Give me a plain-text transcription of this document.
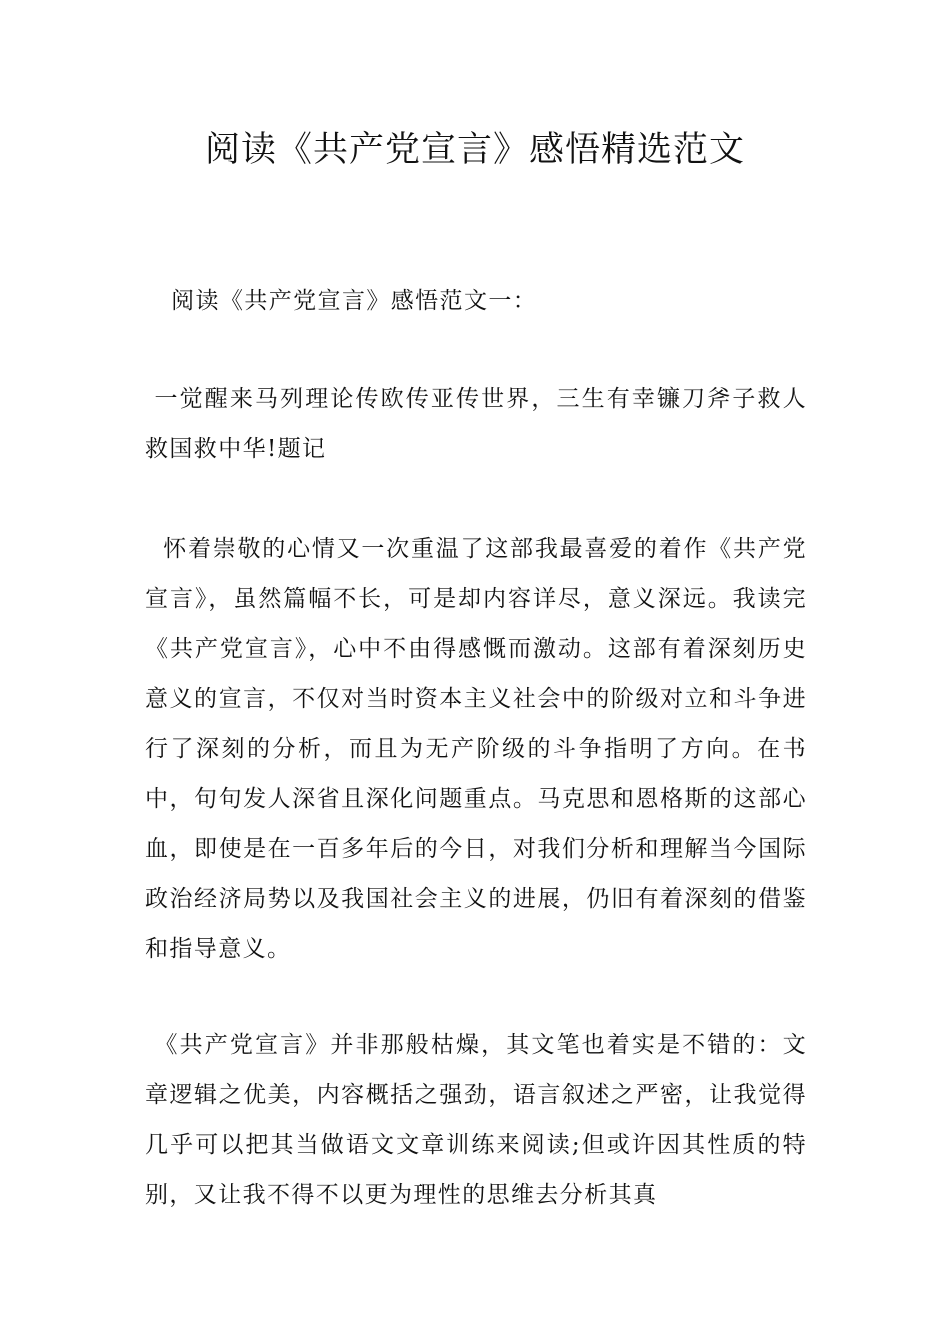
阅读《共产党宣言》感悟精选范文

阅读《共产党宣言》感悟范文一：

一觉醒来马列理论传欧传亚传世界，三生有幸镰刀斧子救人救国救中华!题记

怀着崇敬的心情又一次重温了这部我最喜爱的着作《共产党宣言》，虽然篇幅不长，可是却内容详尽，意义深远。我读完《共产党宣言》，心中不由得感慨而激动。这部有着深刻历史意义的宣言，不仅对当时资本主义社会中的阶级对立和斗争进行了深刻的分析，而且为无产阶级的斗争指明了方向。在书中，句句发人深省且深化问题重点。马克思和恩格斯的这部心血，即使是在一百多年后的今日，对我们分析和理解当今国际政治经济局势以及我国社会主义的进展，仍旧有着深刻的借鉴和指导意义。

《共产党宣言》并非那般枯燥，其文笔也着实是不错的：文章逻辑之优美，内容概括之强劲，语言叙述之严密，让我觉得几乎可以把其当做语文文章训练来阅读;但或许因其性质的特别，又让我不得不以更为理性的思维去分析其真
